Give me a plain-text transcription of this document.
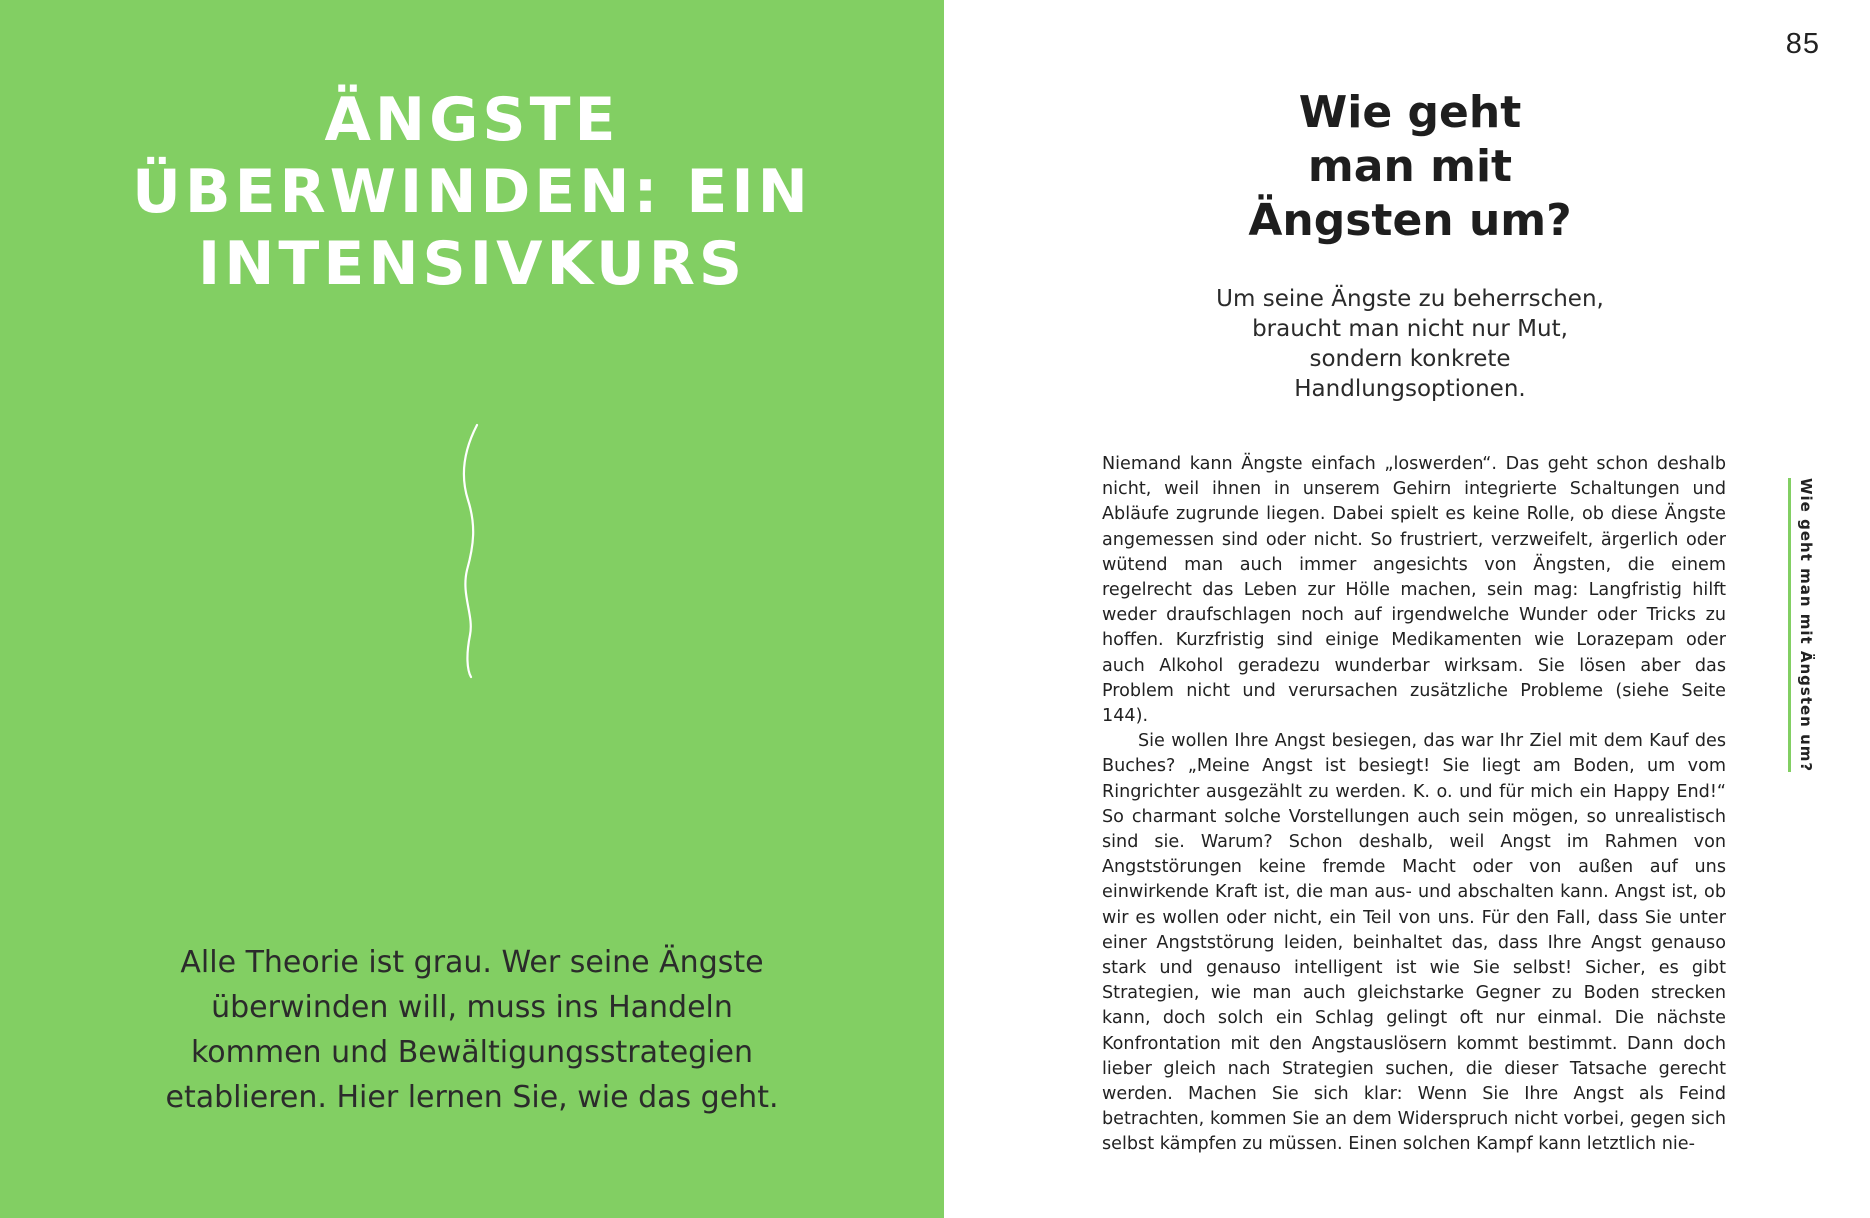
ÄNGSTE
ÜBERWINDEN: EIN
INTENSIVKURS
Alle Theorie ist grau. Wer seine Ängste
überwinden will, muss ins Handeln
kommen und Bewältigungsstrategien
etablieren. Hier lernen Sie, wie das geht.
85
Wie geht
man mit
Ängsten um?
Um seine Ängste zu beherrschen,
braucht man nicht nur Mut,
sondern konkrete
Handlungsoptionen.

Niemand kann Ängste einfach „loswerden“. Das geht schon deshalb nicht, weil ihnen in unserem Gehirn integrierte Schaltungen und Abläufe zugrunde liegen. Dabei spielt es keine Rolle, ob diese Ängste angemessen sind oder nicht. So frustriert, verzweifelt, ärgerlich oder wütend man auch immer angesichts von Ängsten, die einem regelrecht das Leben zur Hölle machen, sein mag: Langfristig hilft weder draufschlagen noch auf irgendwelche Wunder oder Tricks zu hoffen. Kurzfristig sind einige Medikamenten wie Lorazepam oder auch Alkohol geradezu wunderbar wirksam. Sie lösen aber das Problem nicht und verursachen zusätzliche Probleme (siehe Seite 144).

Sie wollen Ihre Angst besiegen, das war Ihr Ziel mit dem Kauf des Buches? „Meine Angst ist besiegt! Sie liegt am Boden, um vom Ringrichter ausgezählt zu werden. K. o. und für mich ein Happy End!“ So charmant solche Vorstellungen auch sein mögen, so unrealistisch sind sie. Warum? Schon deshalb, weil Angst im Rahmen von Angststörungen keine fremde Macht oder von außen auf uns einwirkende Kraft ist, die man aus- und abschalten kann. Angst ist, ob wir es wollen oder nicht, ein Teil von uns. Für den Fall, dass Sie unter einer Angststörung leiden, beinhaltet das, dass Ihre Angst genauso stark und genauso intelligent ist wie Sie selbst! Sicher, es gibt Strategien, wie man auch gleichstarke Gegner zu Boden strecken kann, doch solch ein Schlag gelingt oft nur einmal. Die nächste Konfrontation mit den Angstauslösern kommt bestimmt. Dann doch lieber gleich nach Strategien suchen, die dieser Tatsache gerecht werden. Machen Sie sich klar: Wenn Sie Ihre Angst als Feind betrachten, kommen Sie an dem Widerspruch nicht vorbei, gegen sich selbst kämpfen zu müssen. Einen solchen Kampf kann letztlich nie-

Wie geht man mit Ängsten um?
